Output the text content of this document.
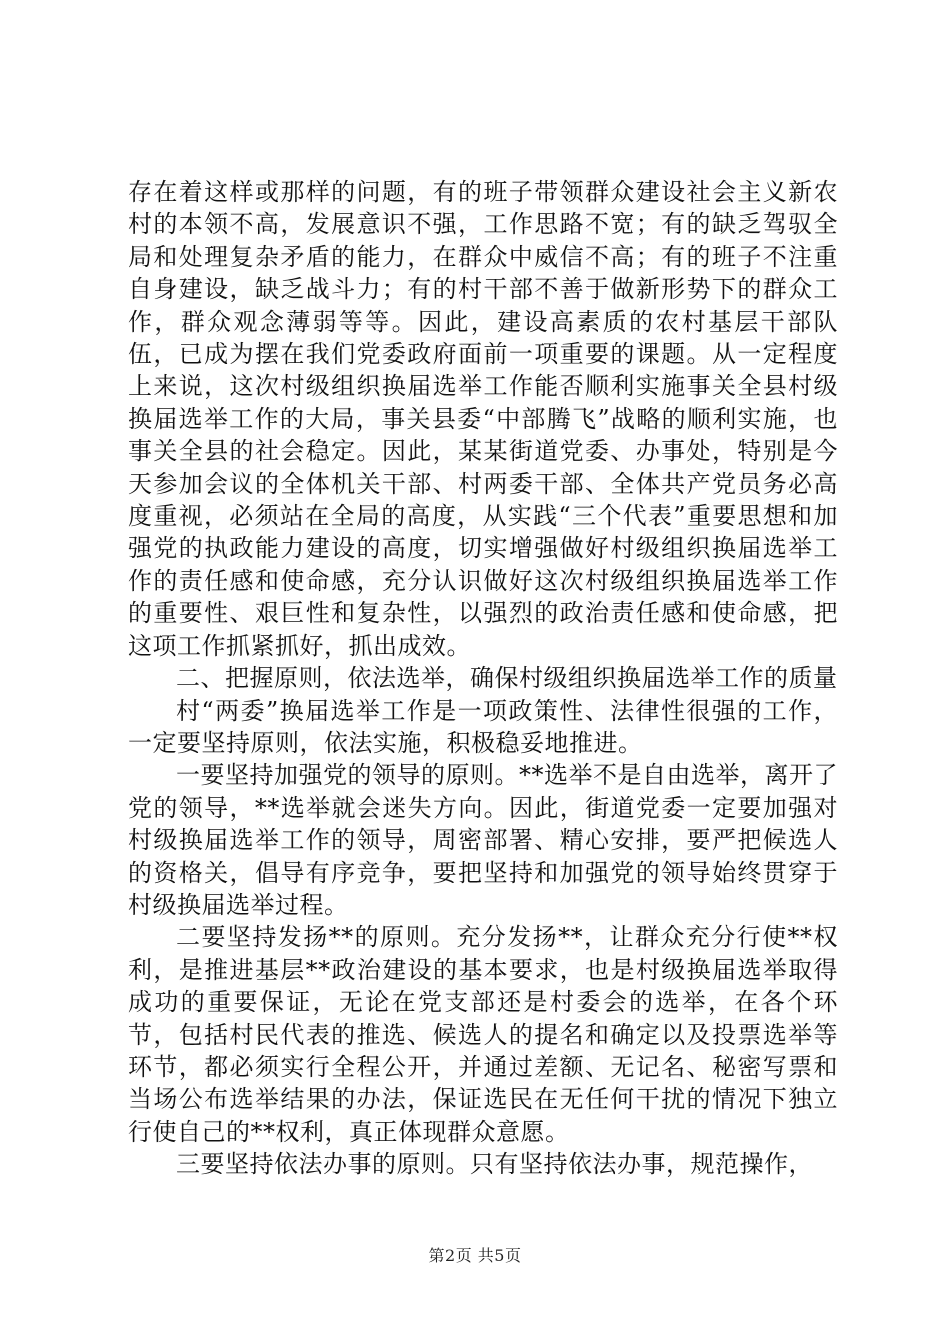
存在着这样或那样的问题，有的班子带领群众建设社会主义新农村的本领不高，发展意识不强，工作思路不宽；有的缺乏驾驭全局和处理复杂矛盾的能力，在群众中威信不高；有的班子不注重自身建设，缺乏战斗力；有的村干部不善于做新形势下的群众工作，群众观念薄弱等等。因此，建设高素质的农村基层干部队伍，已成为摆在我们党委政府面前一项重要的课题。从一定程度上来说，这次村级组织换届选举工作能否顺利实施事关全县村级换届选举工作的大局，事关县委“中部腾飞”战略的顺利实施，也事关全县的社会稳定。因此，某某街道党委、办事处，特别是今天参加会议的全体机关干部、村两委干部、全体共产党员务必高度重视，必须站在全局的高度，从实践“三个代表”重要思想和加强党的执政能力建设的高度，切实增强做好村级组织换届选举工作的责任感和使命感，充分认识做好这次村级组织换届选举工作的重要性、艰巨性和复杂性，以强烈的政治责任感和使命感，把这项工作抓紧抓好，抓出成效。

二、把握原则，依法选举，确保村级组织换届选举工作的质量

村“两委”换届选举工作是一项政策性、法律性很强的工作，一定要坚持原则，依法实施，积极稳妥地推进。

一要坚持加强党的领导的原则。**选举不是自由选举，离开了党的领导，**选举就会迷失方向。因此，街道党委一定要加强对村级换届选举工作的领导，周密部署、精心安排，要严把候选人的资格关，倡导有序竞争，要把坚持和加强党的领导始终贯穿于村级换届选举过程。

二要坚持发扬**的原则。充分发扬**，让群众充分行使**权利，是推进基层**政治建设的基本要求，也是村级换届选举取得成功的重要保证，无论在党支部还是村委会的选举，在各个环节，包括村民代表的推选、候选人的提名和确定以及投票选举等环节，都必须实行全程公开，并通过差额、无记名、秘密写票和当场公布选举结果的办法，保证选民在无任何干扰的情况下独立行使自己的**权利，真正体现群众意愿。

三要坚持依法办事的原则。只有坚持依法办事，规范操作，

第2页 共5页
